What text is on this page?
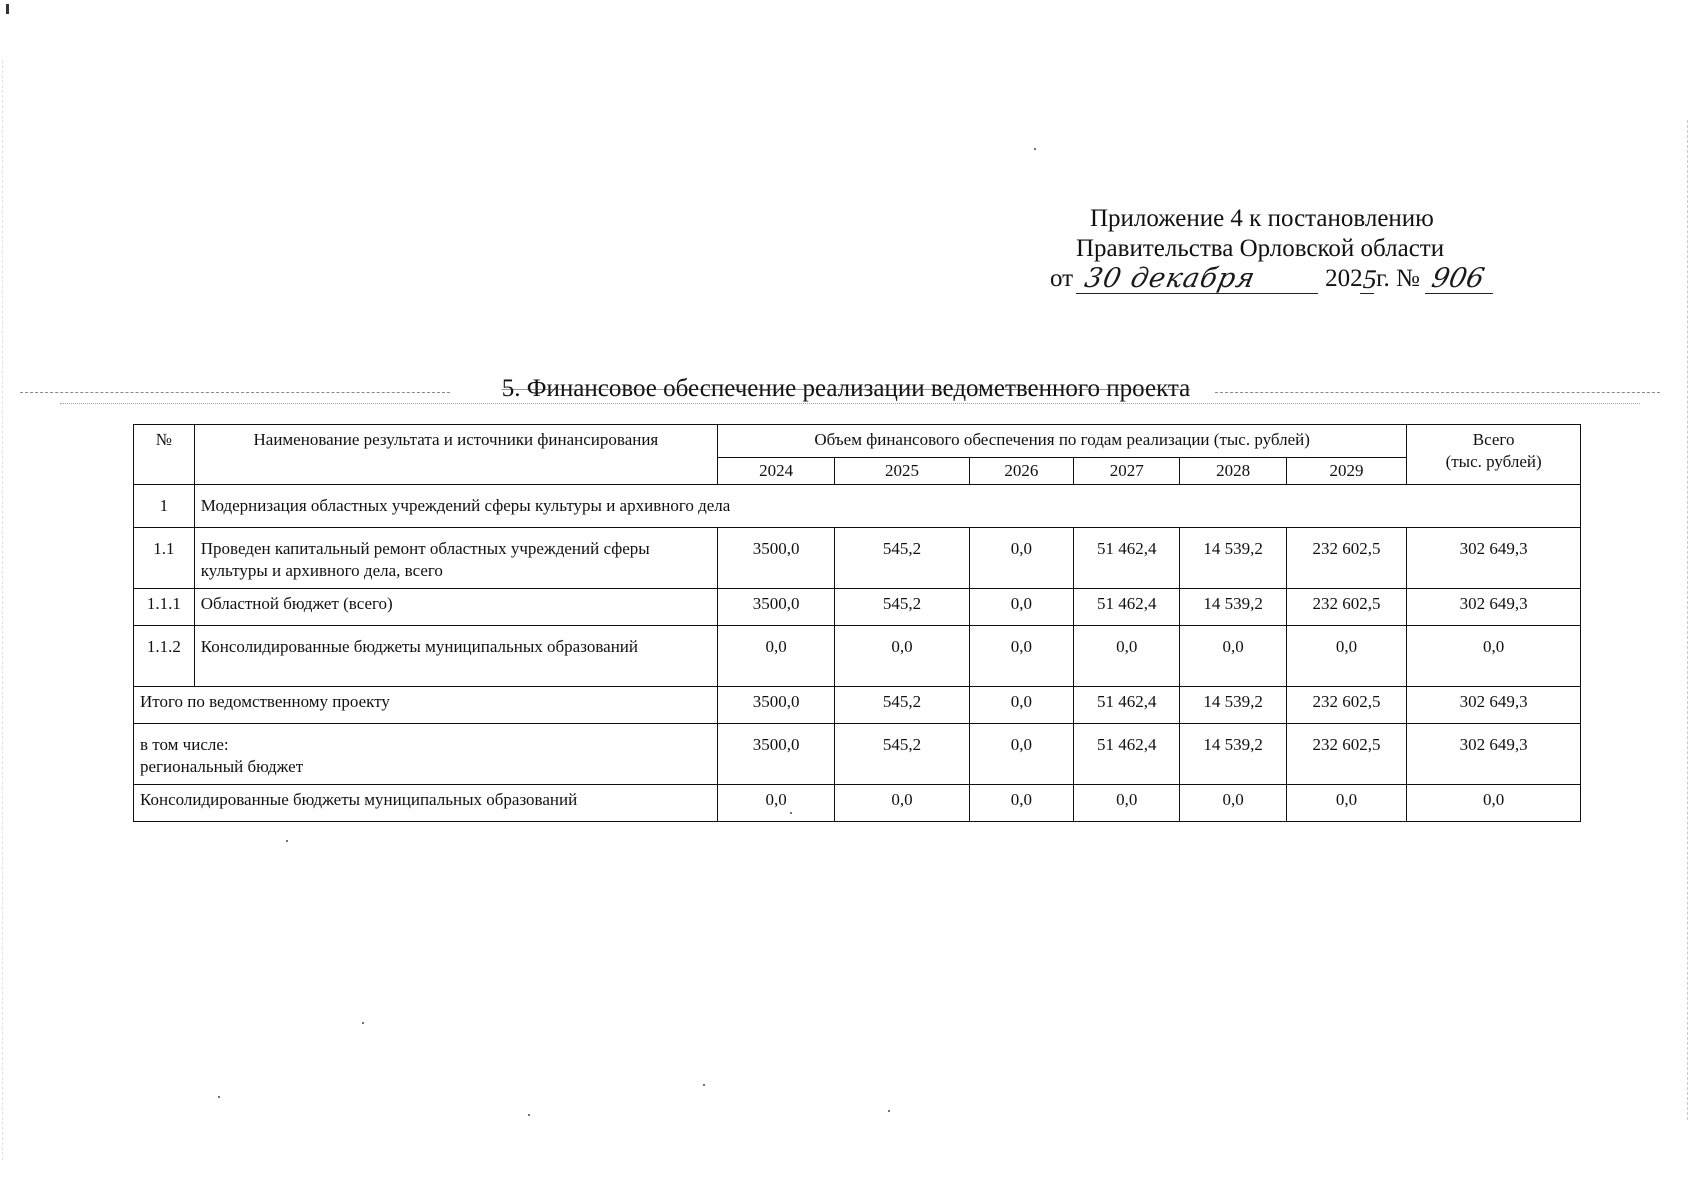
Приложение 4 к постановлению
Правительства Орловской области
от 30 декабря	202
5
г. № 906
5. Финансовое обеспечение реализации ведометвенного проекта
№	Наименование результата и источники финансирования	Объем финансового обеспечения по годам реализации (тыс. рублей)						Всего
(тыс. рублей)

		2024	2025	2026	2027	2028	2029	
1	Модернизация областных учреждений сферы культуры и архивного дела							
1.1	Проведен капитальный ремонт областных учреждений сферы культуры и архивного дела, всего	3500,0	545,2	0,0	51 462,4	14 539,2	232 602,5	302 649,3
1.1.1	Областной бюджет (всего)	3500,0	545,2	0,0	51 462,4	14 539,2	232 602,5	302 649,3
1.1.2	Консолидированные бюджеты муниципальных образований	0,0	0,0	0,0	0,0	0,0	0,0	0,0
Итого по ведомственному проекту		3500,0	545,2	0,0	51 462,4	14 539,2	232 602,5	302 649,3

в том числе:
региональный бюджет		3500,0	545,2	0,0	51 462,4	14 539,2	232 602,5	302 649,3
Консолидированные бюджеты муниципальных образований		0,0	0,0	0,0	0,0	0,0	0,0	0,0
